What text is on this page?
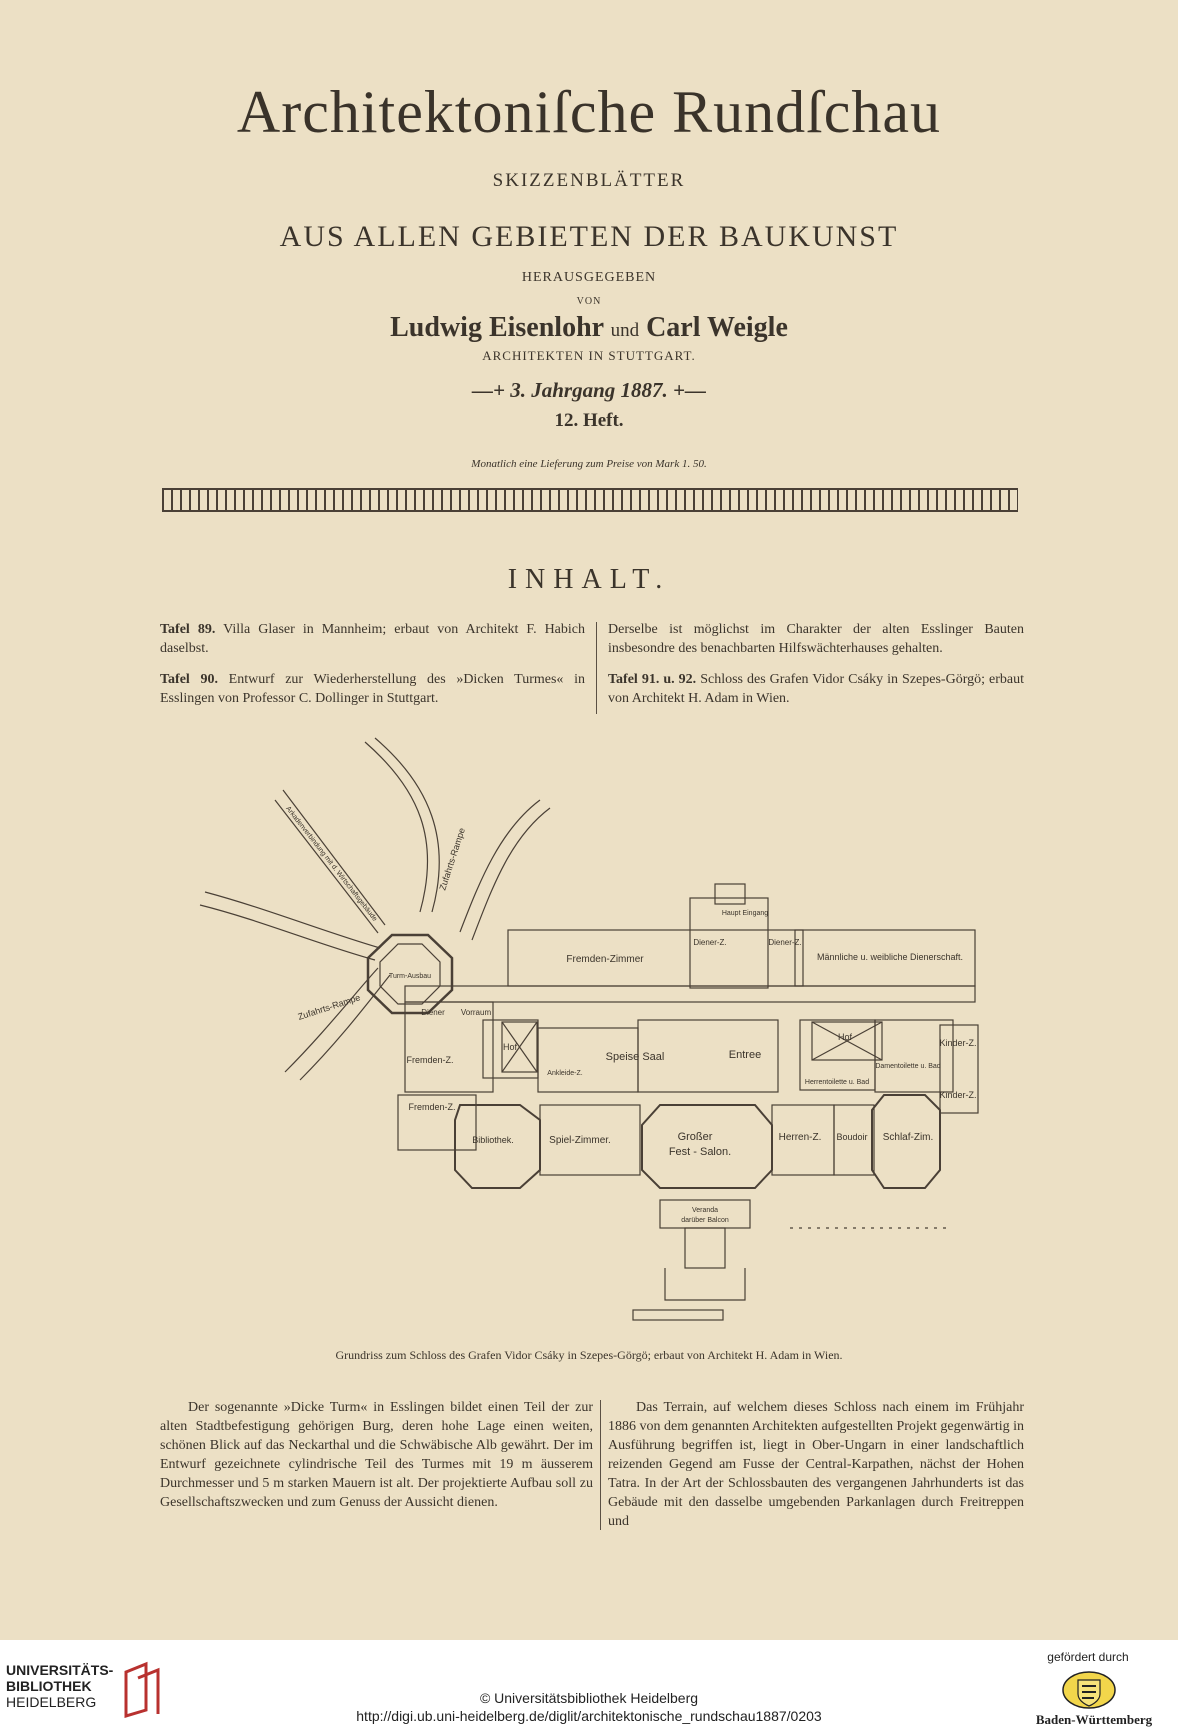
Architektoniſche Rundſchau
SKIZZENBLÄTTER
AUS ALLEN GEBIETEN DER BAUKUNST
HERAUSGEGEBEN
VON
Ludwig Eisenlohr und Carl Weigle
ARCHITEKTEN IN STUTTGART.
—+ 3. Jahrgang 1887. +—
12. Heft.
Monatlich eine Lieferung zum Preise von Mark 1. 50.
INHALT.

Tafel 89. Villa Glaser in Mannheim; erbaut von Architekt F. Habich daselbst.

Tafel 90. Entwurf zur Wiederherstellung des »Dicken Turmes« in Esslingen von Professor C. Dollinger in Stuttgart.

Derselbe ist möglichst im Charakter der alten Esslinger Bauten insbesondre des benachbarten Hilfswächterhauses gehalten.

Tafel 91. u. 92. Schloss des Grafen Vidor Csáky in Szepes-Görgö; erbaut von Architekt H. Adam in Wien.

Fremden-Zimmer
Diener-Z.
Haupt Eingang
Diener-Z.
Männliche u. weibliche Dienerschaft.
Turm-Ausbau
Diener Vorraum
Hof
Fremden-Z.
Ankleide-Z.
Speise Saal	Entree
Hof
Damentoilette u. Bad
Herrentoilette u. Bad
Kinder-Z.
Kinder-Z.
Fremden-Z.
Bibliothek.	Spiel-Zimmer.	Großer
Fest - Salon.
Herren-Z. Boudoir Schlaf-Zim.
Veranda
darüber Balcon
Zufahrts-Rampe
Zufahrts-Rampe
Arkadenverbindung mit d. Wirtschaftsgebäude
Grundriss zum Schloss des Grafen Vidor Csáky in Szepes-Görgö; erbaut von Architekt H. Adam in Wien.
Der sogenannte »Dicke Turm« in Esslingen bildet einen Teil der zur alten Stadtbefestigung gehörigen Burg, deren hohe Lage einen weiten, schönen Blick auf das Neckarthal und die Schwäbische Alb gewährt. Der im Entwurf gezeichnete cylindrische Teil des Turmes mit 19 m äusserem Durchmesser und 5 m starken Mauern ist alt. Der projektierte Aufbau soll zu Gesellschaftszwecken und zum Genuss der Aussicht dienen.
Das Terrain, auf welchem dieses Schloss nach einem im Frühjahr 1886 von dem genannten Architekten aufgestellten Projekt gegenwärtig in Ausführung begriffen ist, liegt in Ober-Ungarn in einer landschaftlich reizenden Gegend am Fusse der Central-Karpathen, nächst der Hohen Tatra. In der Art der Schlossbauten des vergangenen Jahrhunderts ist das Gebäude mit den dasselbe umgebenden Parkanlagen durch Freitreppen und
UNIVERSITÄTS-
BIBLIOTHEK
HEIDELBERG	© Universitätsbibliothek Heidelberg
http://digi.ub.uni-heidelberg.de/diglit/architektonische_rundschau1887/0203
gefördert durch
Baden-Württemberg
